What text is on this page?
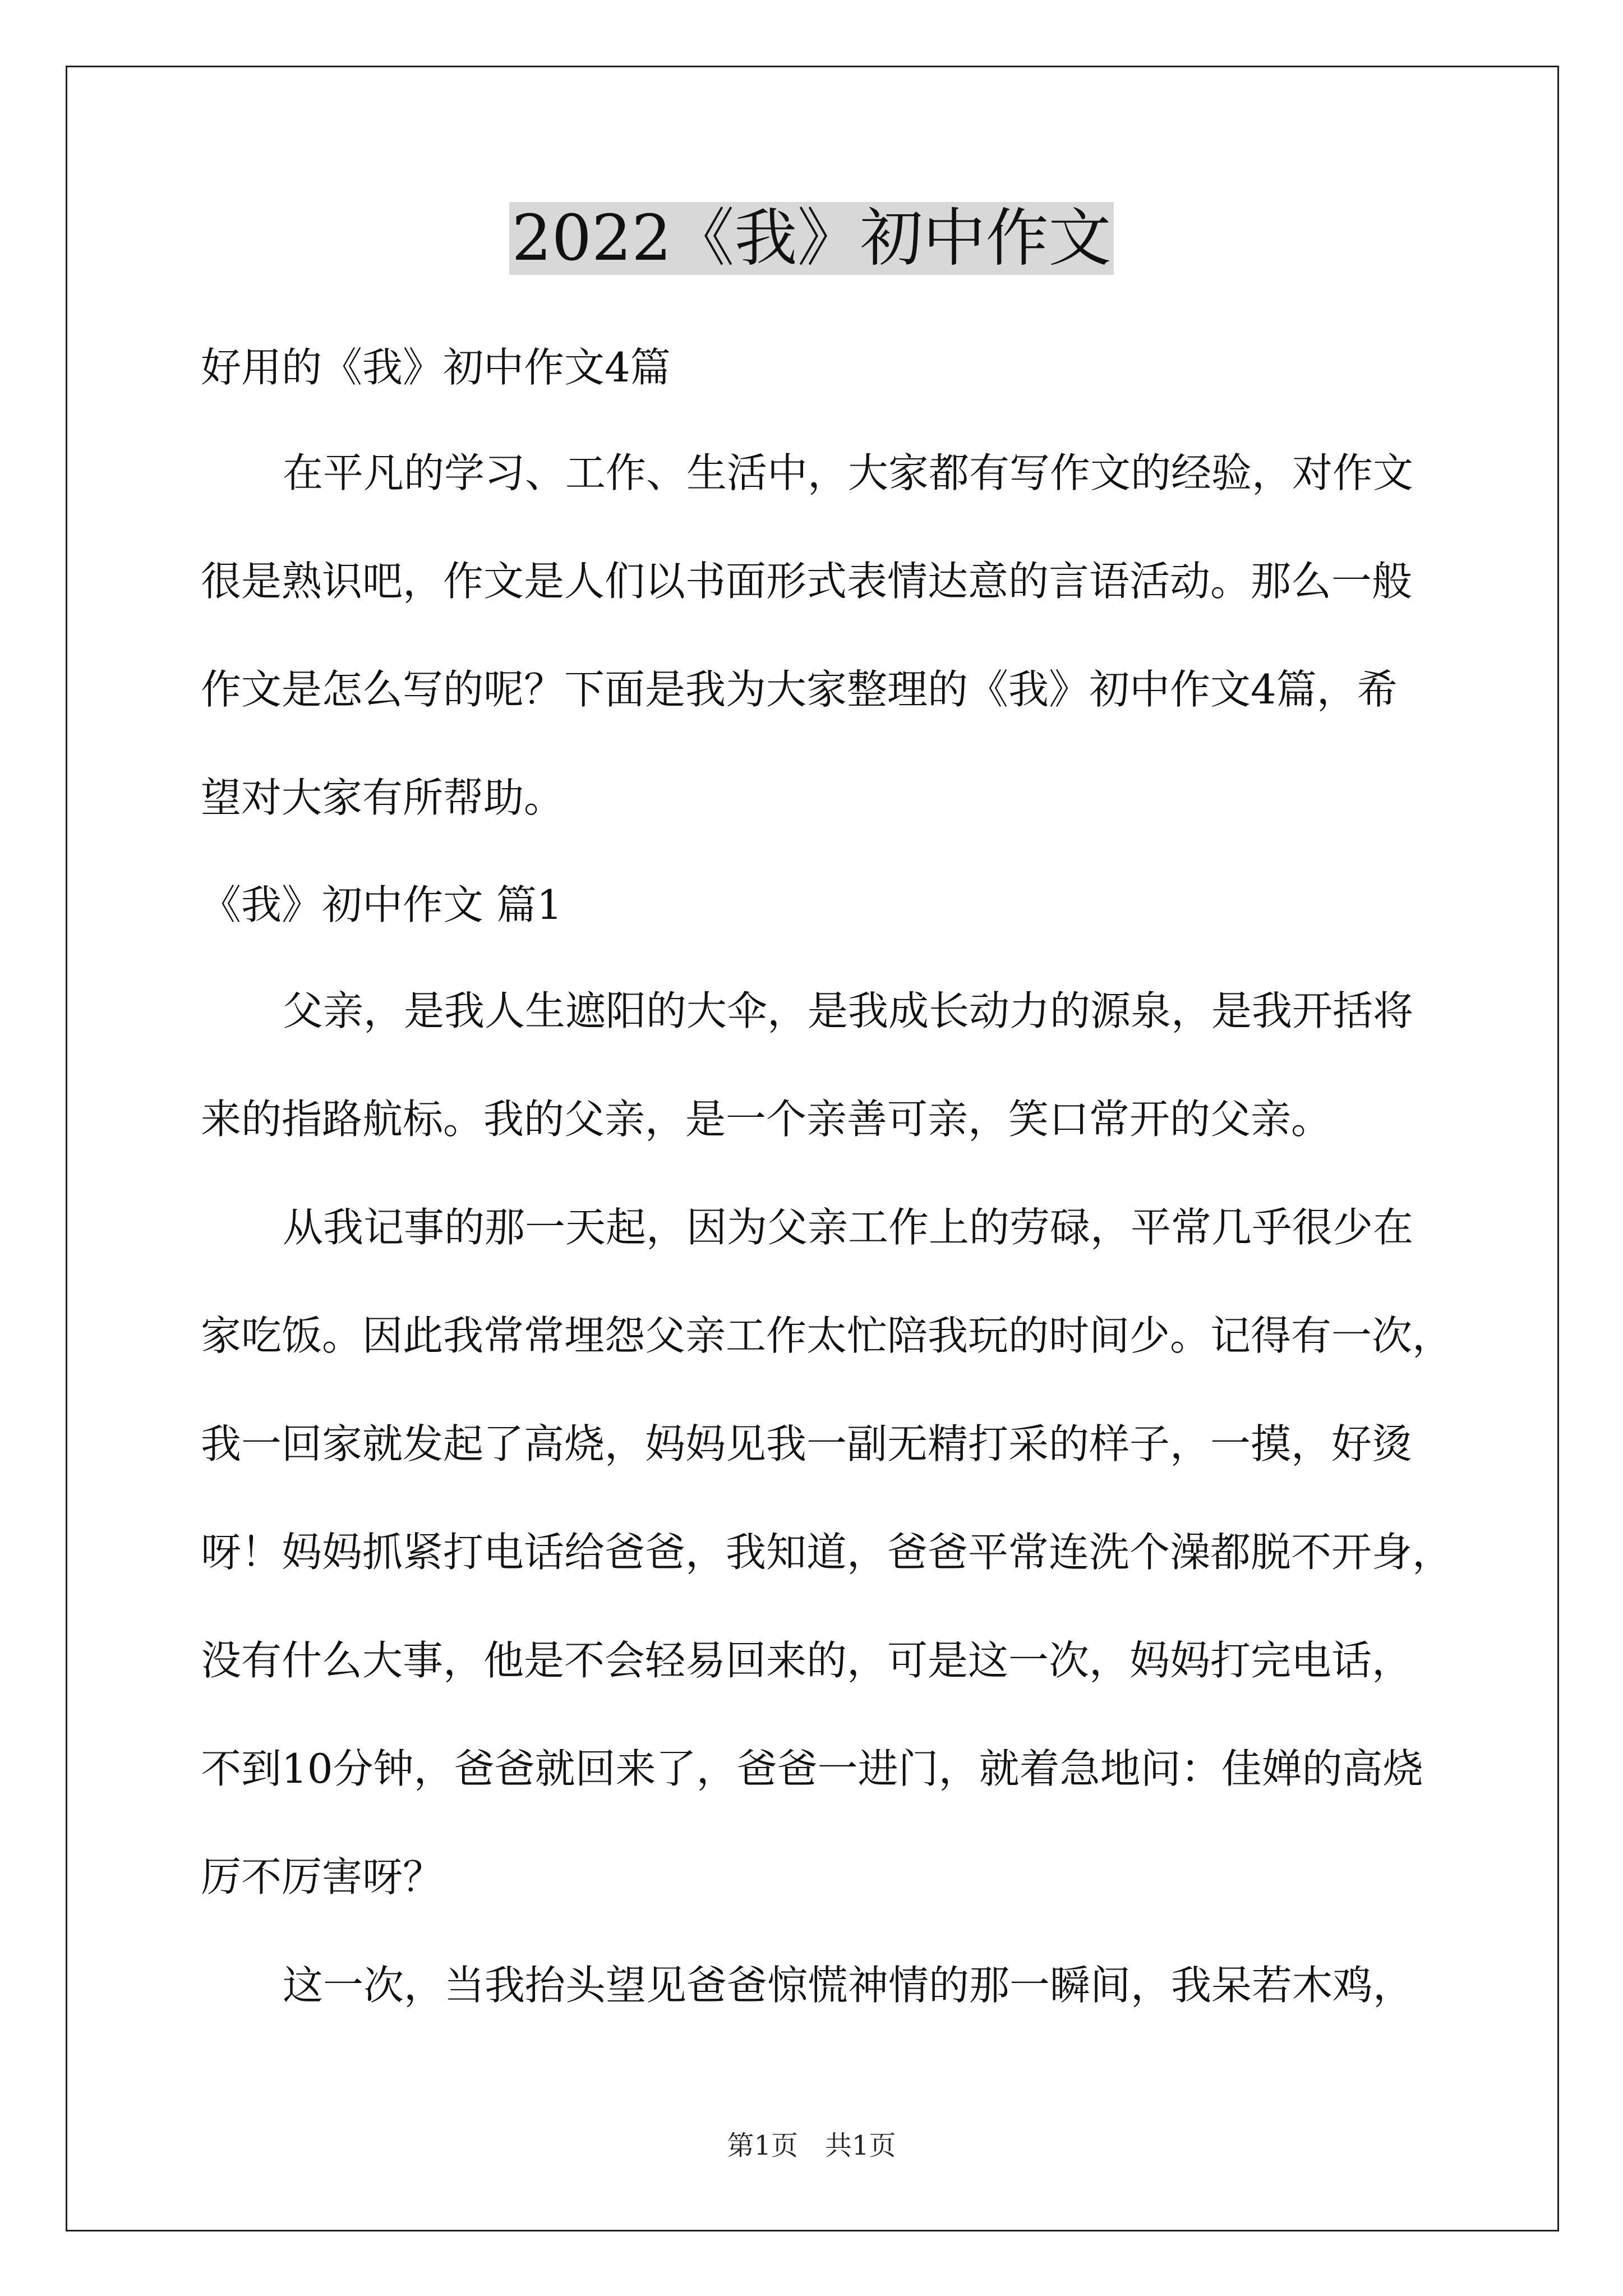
2022《我》初中作文
好用的《我》初中作文4篇
在平凡的学习、工作、生活中，大家都有写作文的经验，对作文
很是熟识吧，作文是人们以书面形式表情达意的言语活动。那么一般
作文是怎么写的呢？下面是我为大家整理的《我》初中作文4篇，希
望对大家有所帮助。
《我》初中作文 篇1
父亲，是我人生遮阳的大伞，是我成长动力的源泉，是我开括将
来的指路航标。我的父亲，是一个亲善可亲，笑口常开的父亲。
从我记事的那一天起，因为父亲工作上的劳碌，平常几乎很少在
家吃饭。因此我常常埋怨父亲工作太忙陪我玩的时间少。记得有一次，
我一回家就发起了高烧，妈妈见我一副无精打采的样子，一摸，好烫
呀！妈妈抓紧打电话给爸爸，我知道，爸爸平常连洗个澡都脱不开身，
没有什么大事，他是不会轻易回来的，可是这一次，妈妈打完电话，
不到10分钟，爸爸就回来了，爸爸一进门，就着急地问：佳婵的高烧
厉不厉害呀？
这一次，当我抬头望见爸爸惊慌神情的那一瞬间，我呆若木鸡，
第1页　共1页
